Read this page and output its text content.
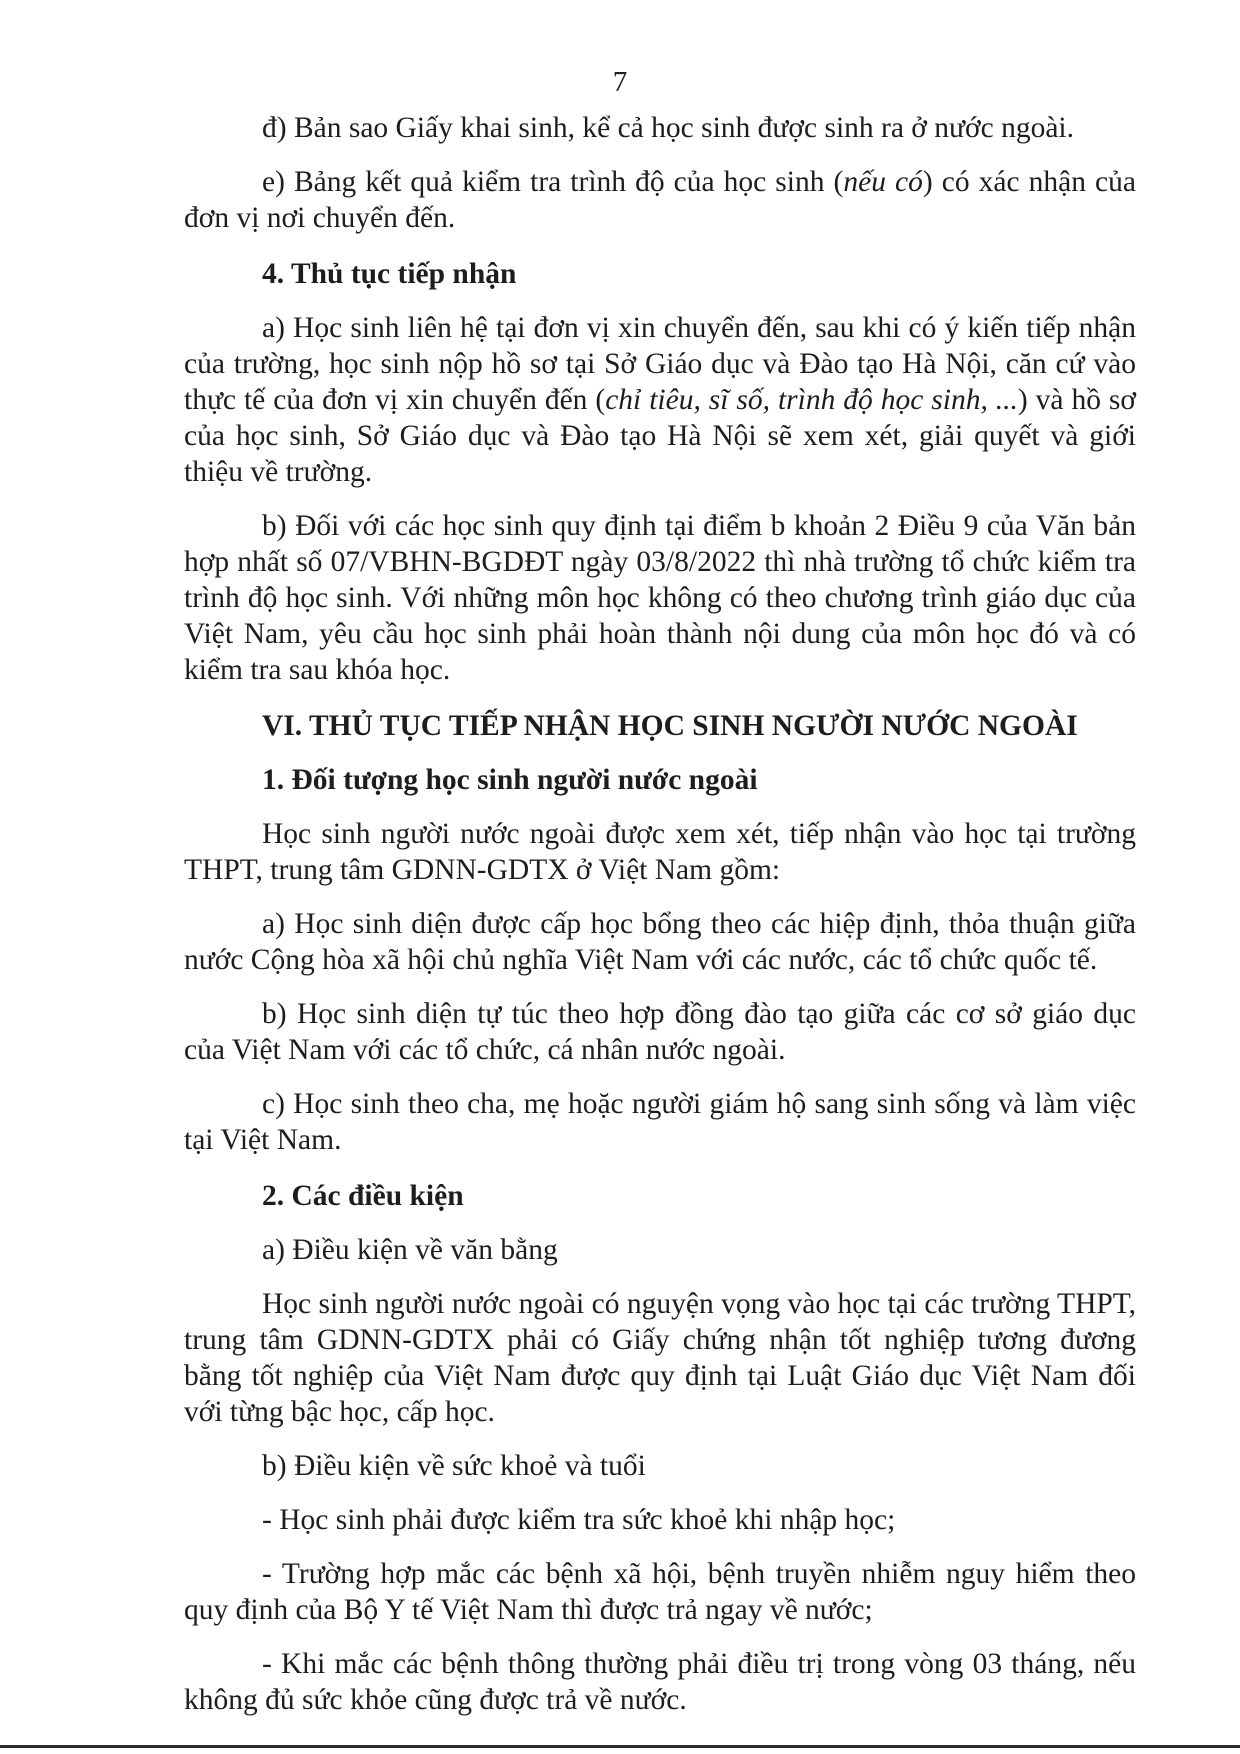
7

đ) Bản sao Giấy khai sinh, kể cả học sinh được sinh ra ở nước ngoài.

e) Bảng kết quả kiểm tra trình độ của học sinh (nếu có) có xác nhận của đơn vị nơi chuyển đến.

4. Thủ tục tiếp nhận

a) Học sinh liên hệ tại đơn vị xin chuyển đến, sau khi có ý kiến tiếp nhận của trường, học sinh nộp hồ sơ tại Sở Giáo dục và Đào tạo Hà Nội, căn cứ vào thực tế của đơn vị xin chuyển đến (chỉ tiêu, sĩ số, trình độ học sinh, ...) và hồ sơ của học sinh, Sở Giáo dục và Đào tạo Hà Nội sẽ xem xét, giải quyết và giới thiệu về trường.

b) Đối với các học sinh quy định tại điểm b khoản 2 Điều 9 của Văn bản hợp nhất số 07/VBHN-BGDĐT ngày 03/8/2022 thì nhà trường tổ chức kiểm tra trình độ học sinh. Với những môn học không có theo chương trình giáo dục của Việt Nam, yêu cầu học sinh phải hoàn thành nội dung của môn học đó và có kiểm tra sau khóa học.

VI. THỦ TỤC TIẾP NHẬN HỌC SINH NGƯỜI NƯỚC NGOÀI

1. Đối tượng học sinh người nước ngoài

Học sinh người nước ngoài được xem xét, tiếp nhận vào học tại trường THPT, trung tâm GDNN-GDTX ở Việt Nam gồm:

a) Học sinh diện được cấp học bổng theo các hiệp định, thỏa thuận giữa nước Cộng hòa xã hội chủ nghĩa Việt Nam với các nước, các tổ chức quốc tế.

b) Học sinh diện tự túc theo hợp đồng đào tạo giữa các cơ sở giáo dục của Việt Nam với các tổ chức, cá nhân nước ngoài.

c) Học sinh theo cha, mẹ hoặc người giám hộ sang sinh sống và làm việc tại Việt Nam.

2. Các điều kiện

a) Điều kiện về văn bằng

Học sinh người nước ngoài có nguyện vọng vào học tại các trường THPT, trung tâm GDNN-GDTX phải có Giấy chứng nhận tốt nghiệp tương đương bằng tốt nghiệp của Việt Nam được quy định tại Luật Giáo dục Việt Nam đối với từng bậc học, cấp học.

b) Điều kiện về sức khoẻ và tuổi

- Học sinh phải được kiểm tra sức khoẻ khi nhập học;

- Trường hợp mắc các bệnh xã hội, bệnh truyền nhiễm nguy hiểm theo quy định của Bộ Y tế Việt Nam thì được trả ngay về nước;

- Khi mắc các bệnh thông thường phải điều trị trong vòng 03 tháng, nếu không đủ sức khỏe cũng được trả về nước.
